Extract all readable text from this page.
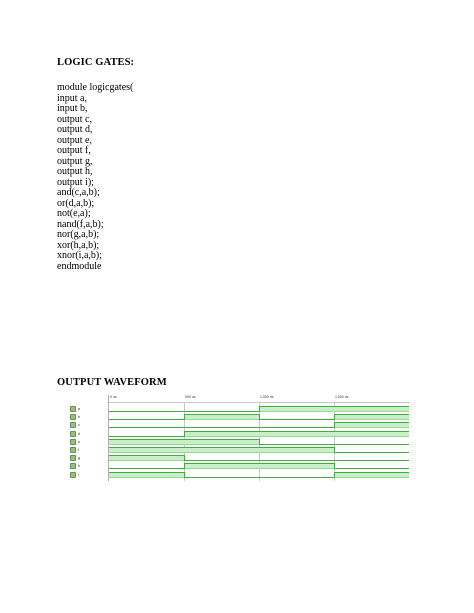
LOGIC GATES:
module logicgates(
input a,
input b,
output c,
output d,
output e,
output f,
output g,
output h,
output i);
and(c,a,b);
or(d,a,b);
not(e,a);
nand(f,a,b);
nor(g,a,b);
xor(h,a,b);
xnor(i,a,b);
endmodule
OUTPUT WAVEFORM
a
b
c
d
e
f
g
h
i
0 ns	500 ns	1,000 ns	1,500 ns
